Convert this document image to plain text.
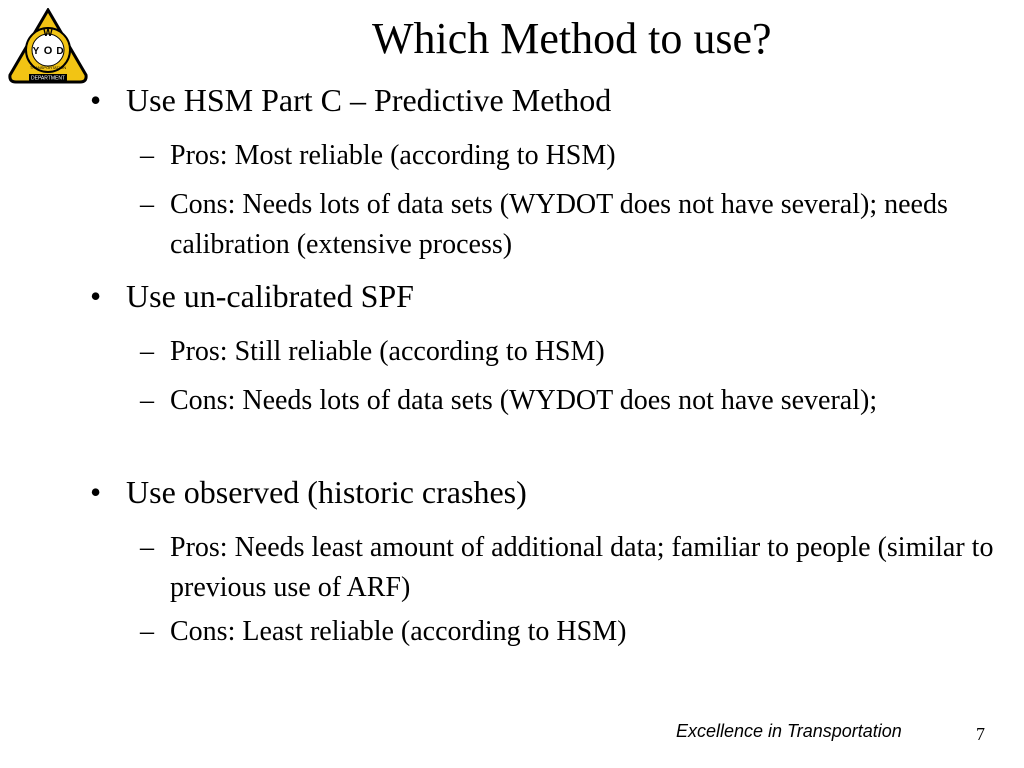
W
Y O D
TRANSPORTATION
DEPARTMENT
Which Method to use?
• Use HSM Part C – Predictive Method
– Pros: Most reliable (according to HSM)
– Cons: Needs lots of data sets (WYDOT does not have several); needs calibration (extensive process)
• Use un-calibrated SPF
– Pros: Still reliable (according to HSM)
– Cons: Needs lots of data sets (WYDOT does not have several);
• Use observed (historic crashes)
– Pros: Needs least amount of additional data; familiar to people (similar to previous use of ARF)
– Cons: Least reliable (according to HSM)
Excellence in Transportation	7
